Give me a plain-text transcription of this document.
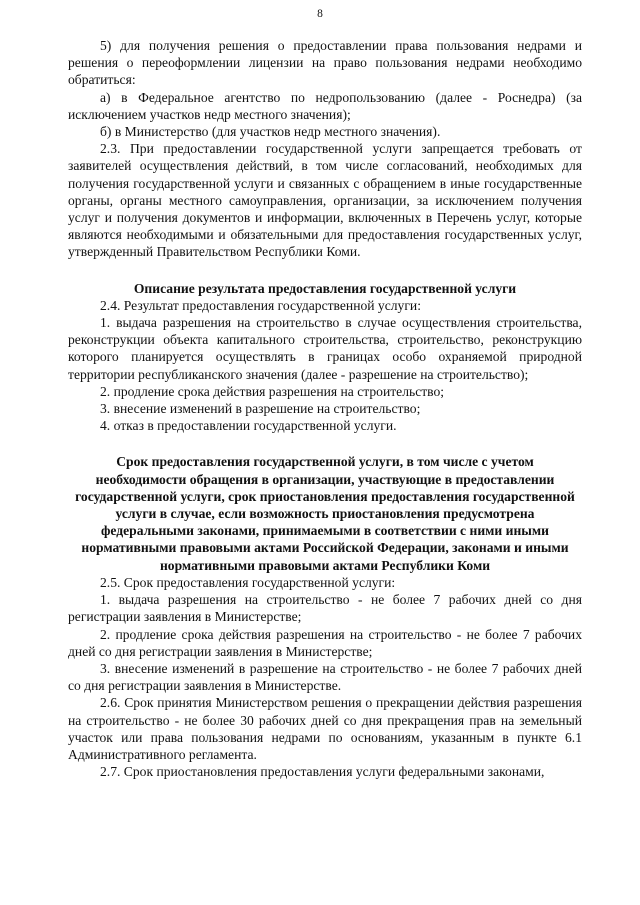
8

5) для получения решения о предоставлении права пользования недрами и решения о переоформлении лицензии на право пользования недрами необходимо обратиться:

а) в Федеральное агентство по недропользованию (далее - Роснедра) (за исключением участков недр местного значения);

б) в Министерство (для участков недр местного значения).

2.3. При предоставлении государственной услуги запрещается требовать от заявителей осуществления действий, в том числе согласований, необходимых для получения государственной услуги и связанных с обращением в иные государственные органы, органы местного самоуправления, организации, за исключением получения услуг и получения документов и информации, включенных в Перечень услуг, которые являются необходимыми и обязательными для предоставления государственных услуг, утвержденный Правительством Республики Коми.

Описание результата предоставления государственной услуги

2.4. Результат предоставления государственной услуги:

1. выдача разрешения на строительство в случае осуществления строительства, реконструкции объекта капитального строительства, строительство, реконструкцию которого планируется осуществлять в границах особо охраняемой природной территории республиканского значения (далее - разрешение на строительство);

2. продление срока действия разрешения на строительство;

3. внесение изменений в разрешение на строительство;

4. отказ в предоставлении государственной услуги.

Срок предоставления государственной услуги, в том числе с учетом необходимости обращения в организации, участвующие в предоставлении государственной услуги, срок приостановления предоставления государственной услуги в случае, если возможность приостановления предусмотрена федеральными законами, принимаемыми в соответствии с ними иными нормативными правовыми актами Российской Федерации, законами и иными нормативными правовыми актами Республики Коми

2.5. Срок предоставления государственной услуги:

1. выдача разрешения на строительство - не более 7 рабочих дней со дня регистрации заявления в Министерстве;

2. продление срока действия разрешения на строительство - не более 7 рабочих дней со дня регистрации заявления в Министерстве;

3. внесение изменений в разрешение на строительство - не более 7 рабочих дней со дня регистрации заявления в Министерстве.

2.6. Срок принятия Министерством решения о прекращении действия разрешения на строительство - не более 30 рабочих дней со дня прекращения прав на земельный участок или права пользования недрами по основаниям, указанным в пункте 6.1 Административного регламента.

2.7. Срок приостановления предоставления услуги федеральными законами,
